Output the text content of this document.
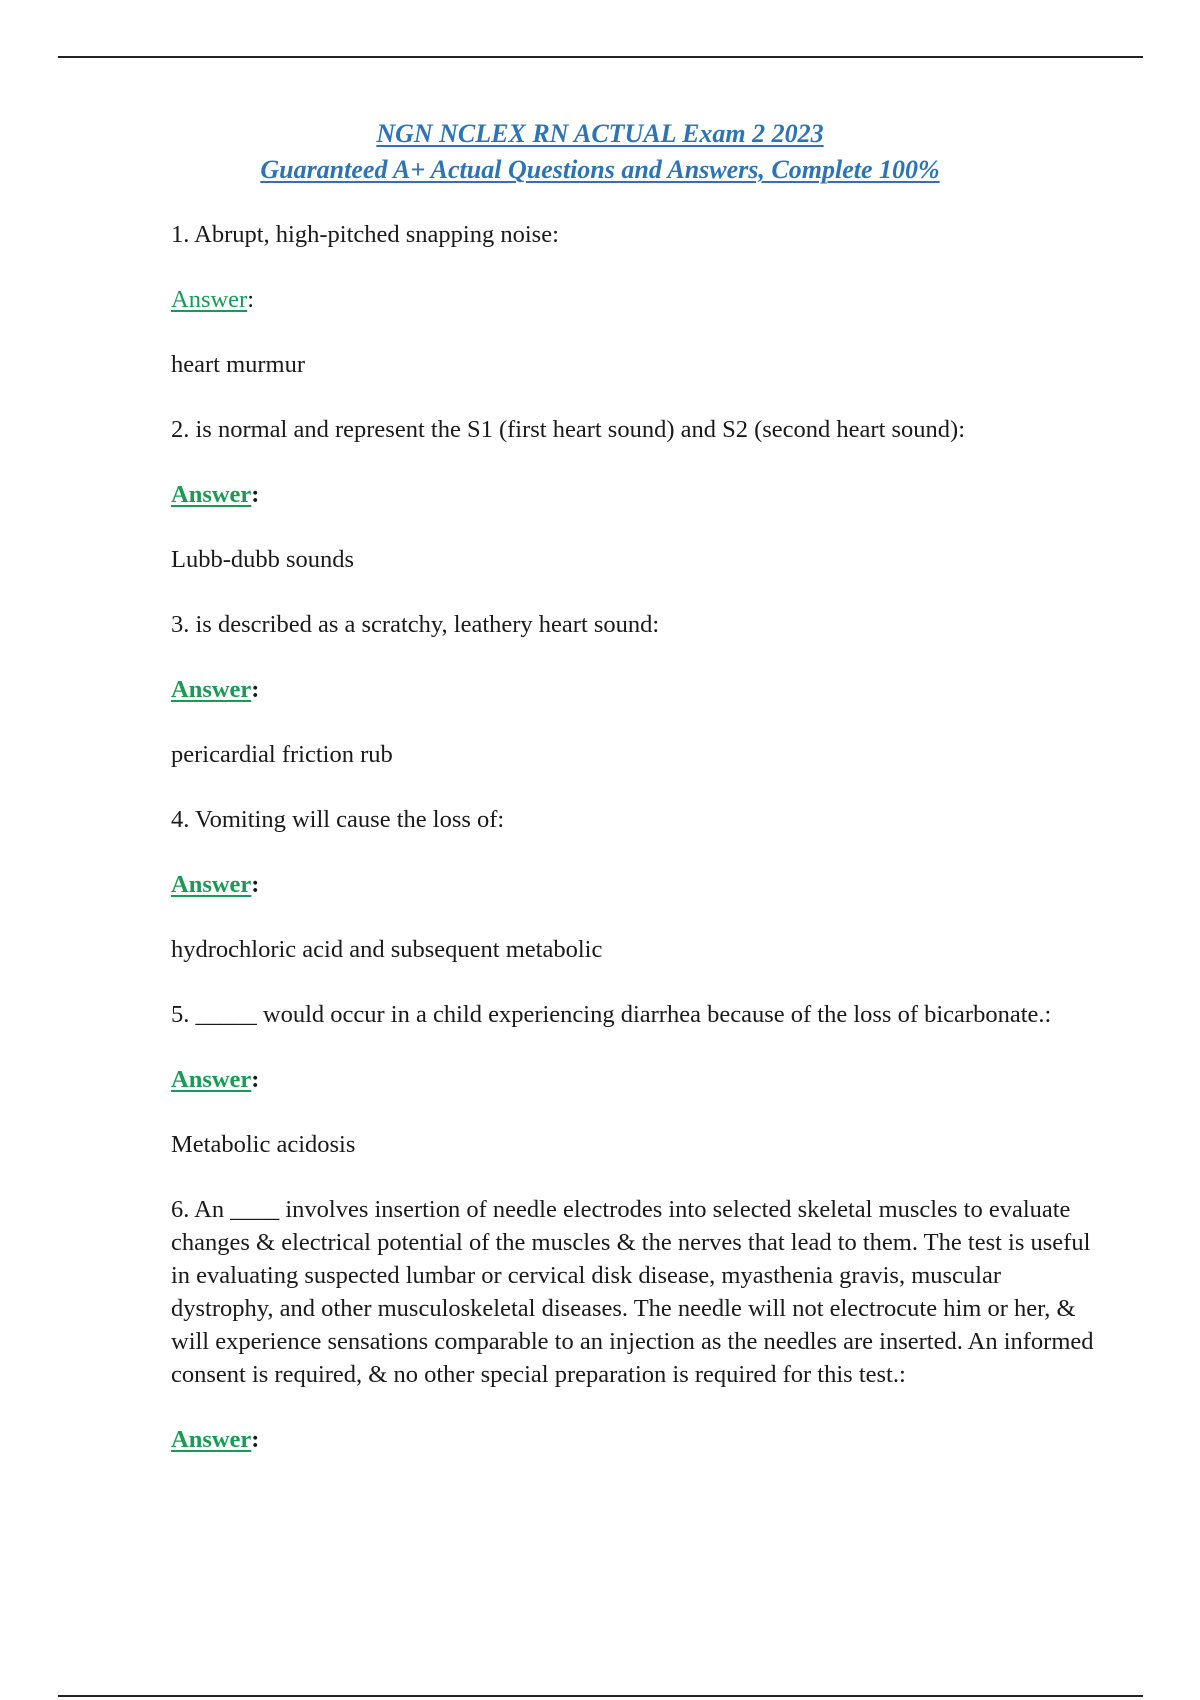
NGN NCLEX RN ACTUAL Exam 2 2023
Guaranteed A+ Actual Questions and Answers, Complete 100%

1. Abrupt, high-pitched snapping noise:

Answer:

heart murmur

2. is normal and represent the S1 (first heart sound) and S2 (second heart sound):

Answer:

Lubb-dubb sounds

3. is described as a scratchy, leathery heart sound:

Answer:

pericardial friction rub

4. Vomiting will cause the loss of:

Answer:

hydrochloric acid and subsequent metabolic

5. _____ would occur in a child experiencing diarrhea because of the loss of bicarbonate.:

Answer:

Metabolic acidosis

6. An ____ involves insertion of needle electrodes into selected skeletal muscles to evaluate changes & electrical potential of the muscles & the nerves that lead to them. The test is useful in evaluating suspected lumbar or cervical disk disease, myasthenia gravis, muscular dystrophy, and other musculoskeletal diseases. The needle will not electrocute him or her, & will experience sensations comparable to an injection as the needles are inserted. An informed consent is required, & no other special preparation is required for this test.:

Answer:
